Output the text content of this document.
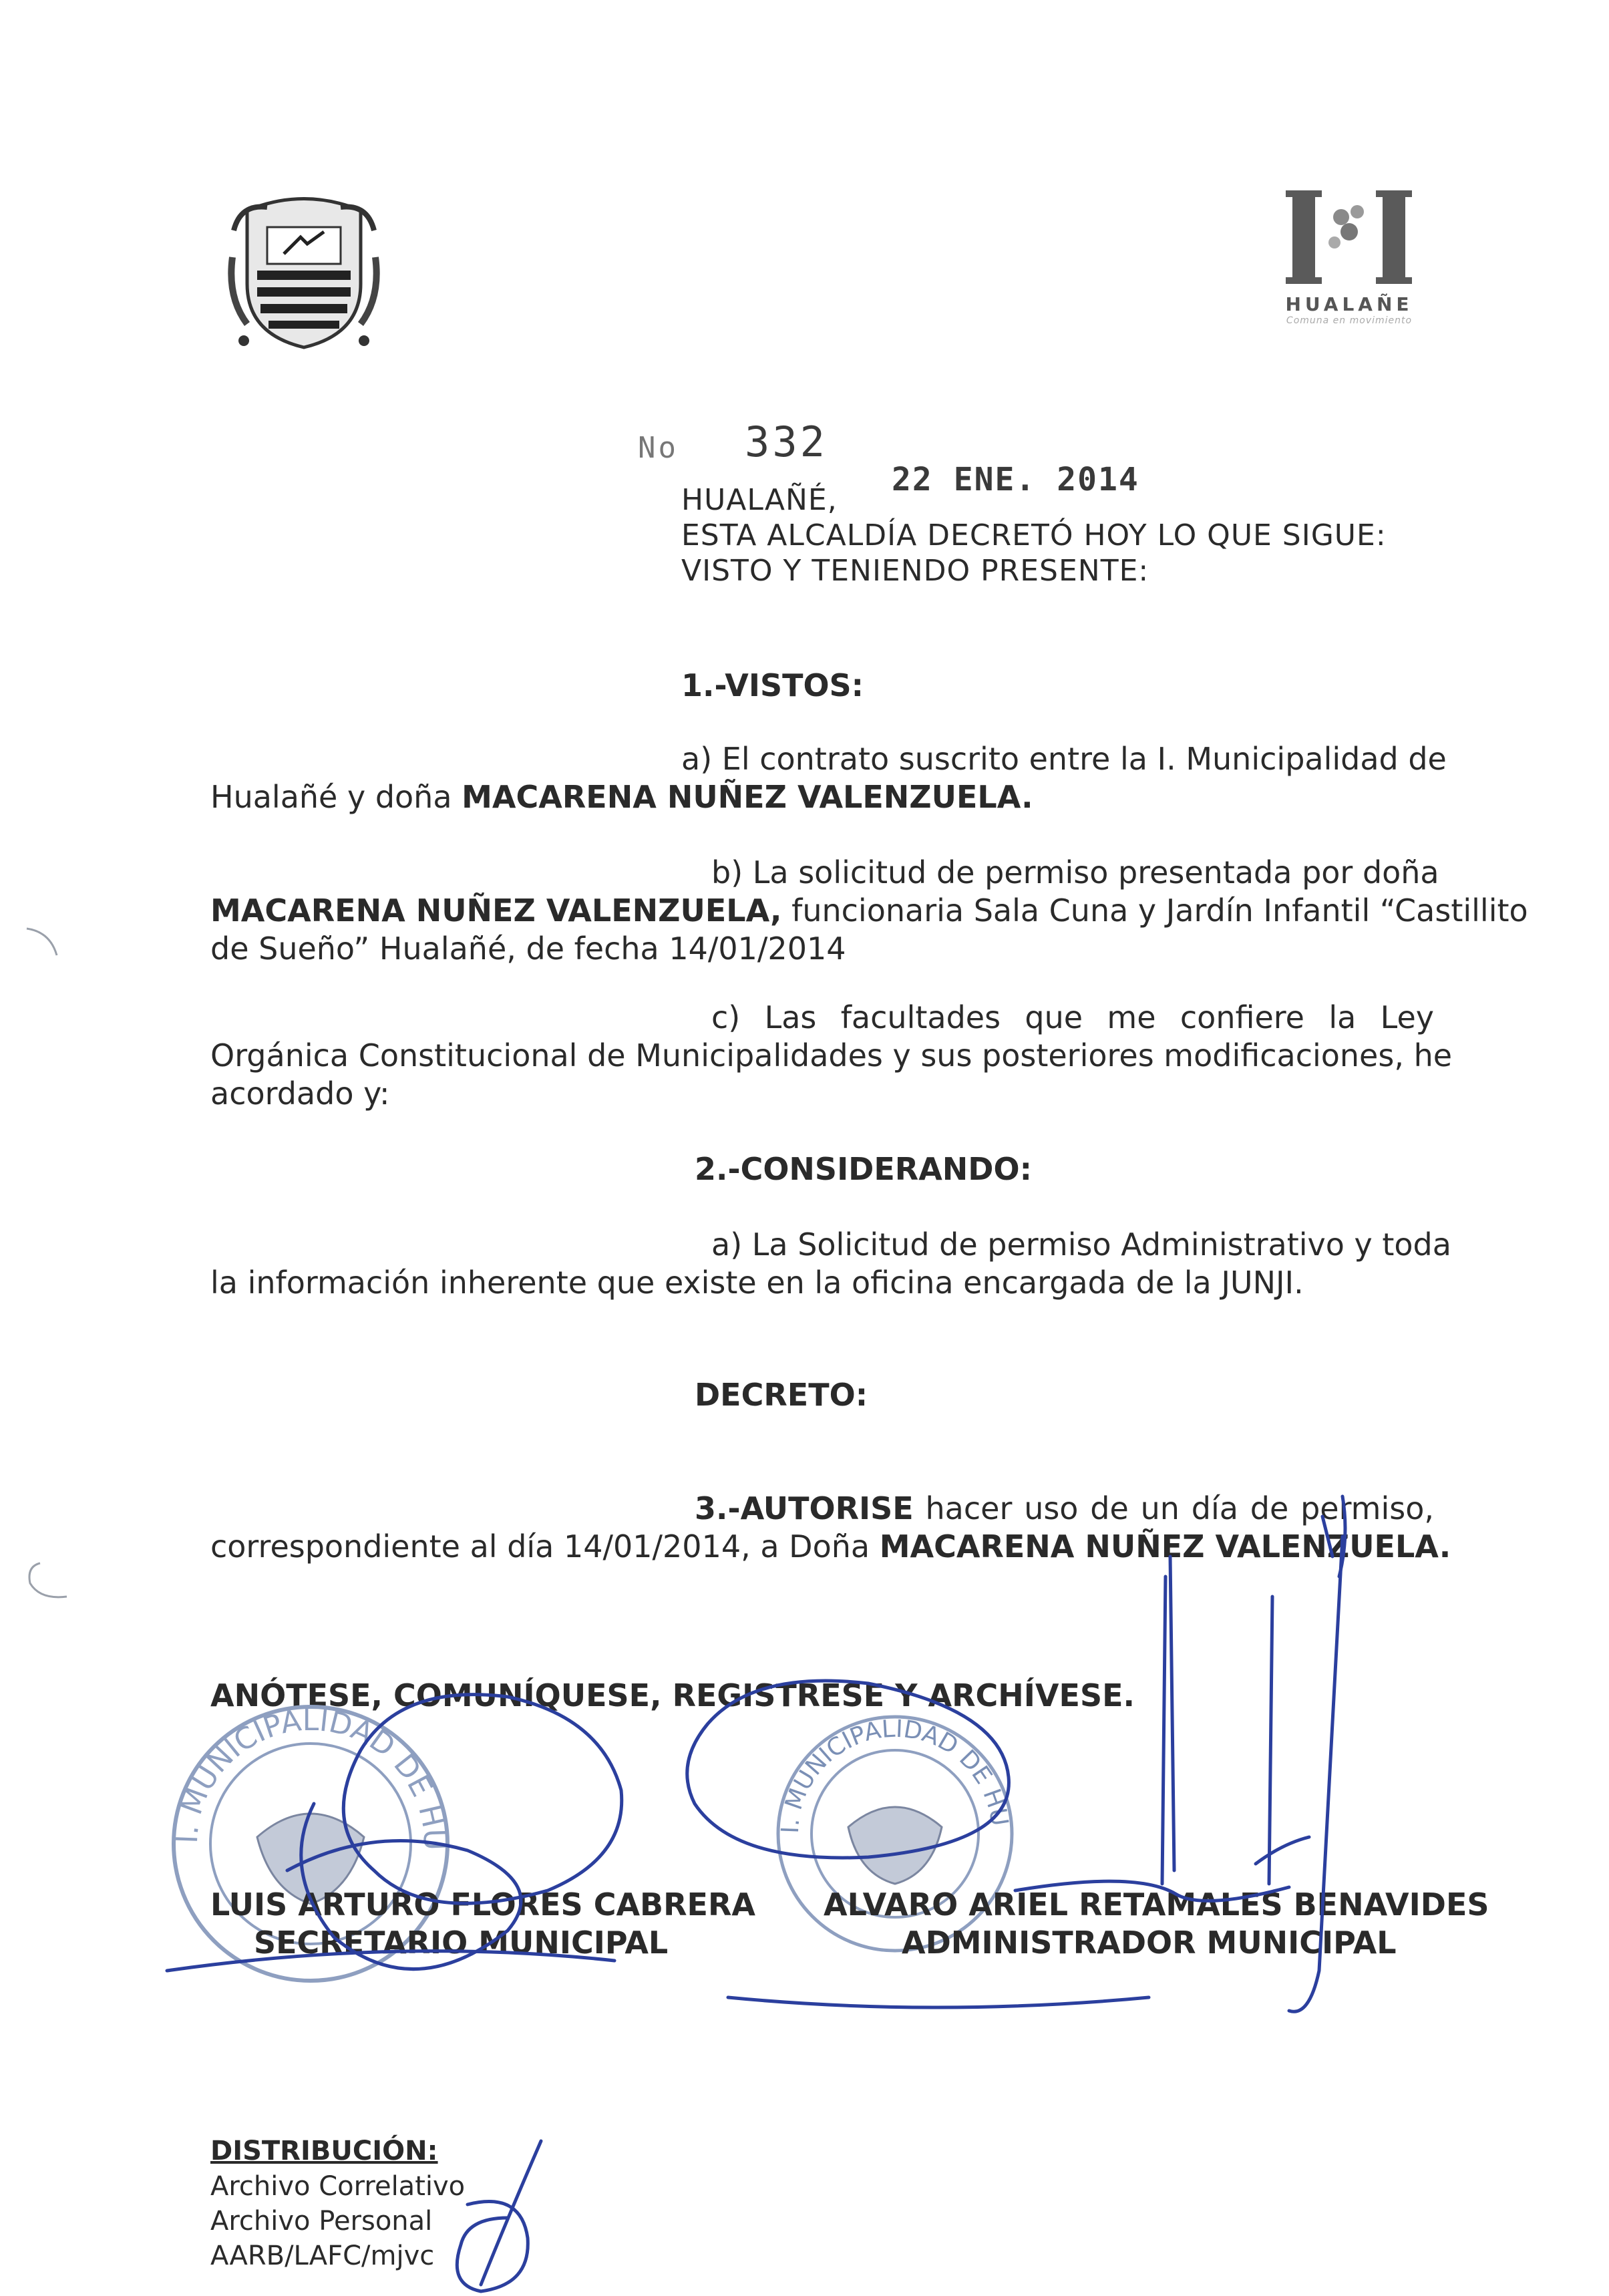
HUALAÑE
Comuna en movimiento
No 332
HUALAÑÉ,
22 ENE. 2014
ESTA ALCALDÍA DECRETÓ HOY LO QUE SIGUE:
VISTO Y TENIENDO PRESENTE:
1.-VISTOS:
a) El contrato suscrito entre la I. Municipalidad de
Hualañé y doña MACARENA NUÑEZ VALENZUELA.
b) La solicitud de permiso presentada por doña
MACARENA NUÑEZ VALENZUELA, funcionaria Sala Cuna y Jardín Infantil “Castillito
de Sueño” Hualañé, de fecha 14/01/2014
c) Las facultades que me confiere la Ley
Orgánica Constitucional de Municipalidades y sus posteriores modificaciones, he
acordado y:
2.-CONSIDERANDO:
a) La Solicitud de permiso Administrativo y toda
la información inherente que existe en la oficina encargada de la JUNJI.
DECRETO:
3.-AUTORISE hacer uso de un día de permiso,
correspondiente al día 14/01/2014, a Doña MACARENA NUÑEZ VALENZUELA.
ANÓTESE, COMUNÍQUESE, REGISTRESE Y ARCHÍVESE.
I. MUNICIPALIDAD DE HU	I. MUNICIPALIDAD DE HU
LUIS ARTURO FLORES CABRERA
SECRETARIO MUNICIPAL
ALVARO ARIEL RETAMALES BENAVIDES
ADMINISTRADOR MUNICIPAL
DISTRIBUCIÓN:
Archivo Correlativo
Archivo Personal
AARB/LAFC/mjvc
